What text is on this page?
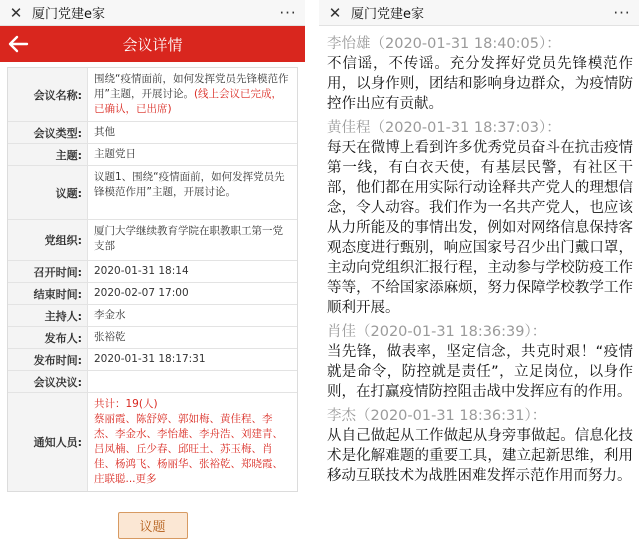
✕ 厦门党建e家	···
会议详情
会议名称:
围绕“疫情面前，如何发挥党员先锋模范作用”主题，开展讨论。(线上会议已完成，已确认，已出席)
会议类型:	其他
主题:	主题党日
议题:
议题1、围绕“疫情面前，如何发挥党员先锋模范作用”主题，开展讨论。
党组织:
厦门大学继续教育学院在职教职工第一党支部
召开时间:	2020-01-31 18:14
结束时间:	2020-02-07 17:00
主持人:	李金水
发布人:	张裕乾
发布时间:	2020-01-31 18:17:31
会议决议:
通知人员:
共计：19(人)
蔡丽霞、陈舒婷、郭如梅、黄佳程、李杰、李金水、李怡雄、李舟浩、刘建青、吕凤楠、丘少春、邱旺土、苏玉梅、肖佳、杨鸿飞、杨丽华、张裕乾、郑晓霞、庄联聪...更多
议题
✕ 厦门党建e家	···
李怡雄（2020-01-31 18:40:05）：
不信谣，不传谣。充分发挥好党员先锋模范作用，以身作则，团结和影响身边群众，为疫情防控作出应有贡献。
黄佳程（2020-01-31 18:37:03）：
每天在微博上看到许多优秀党员奋斗在抗击疫情第一线，有白衣天使，有基层民警，有社区干部，他们都在用实际行动诠释共产党人的理想信念，令人动容。我们作为一名共产党人，也应该从力所能及的事情出发，例如对网络信息保持客观态度进行甄别，响应国家号召少出门戴口罩，主动向党组织汇报行程，主动参与学校防疫工作等等，不给国家添麻烦，努力保障学校教学工作顺利开展。
肖佳（2020-01-31 18:36:39）：
当先锋，做表率，坚定信念，共克时艰！“疫情就是命令，防控就是责任”，立足岗位，以身作则，在打赢疫情防控阻击战中发挥应有的作用。
李杰（2020-01-31 18:36:31）：
从自己做起从工作做起从身旁事做起。信息化技术是化解难题的重要工具，建立起新思维，利用移动互联技术为战胜困难发挥示范作用而努力。
